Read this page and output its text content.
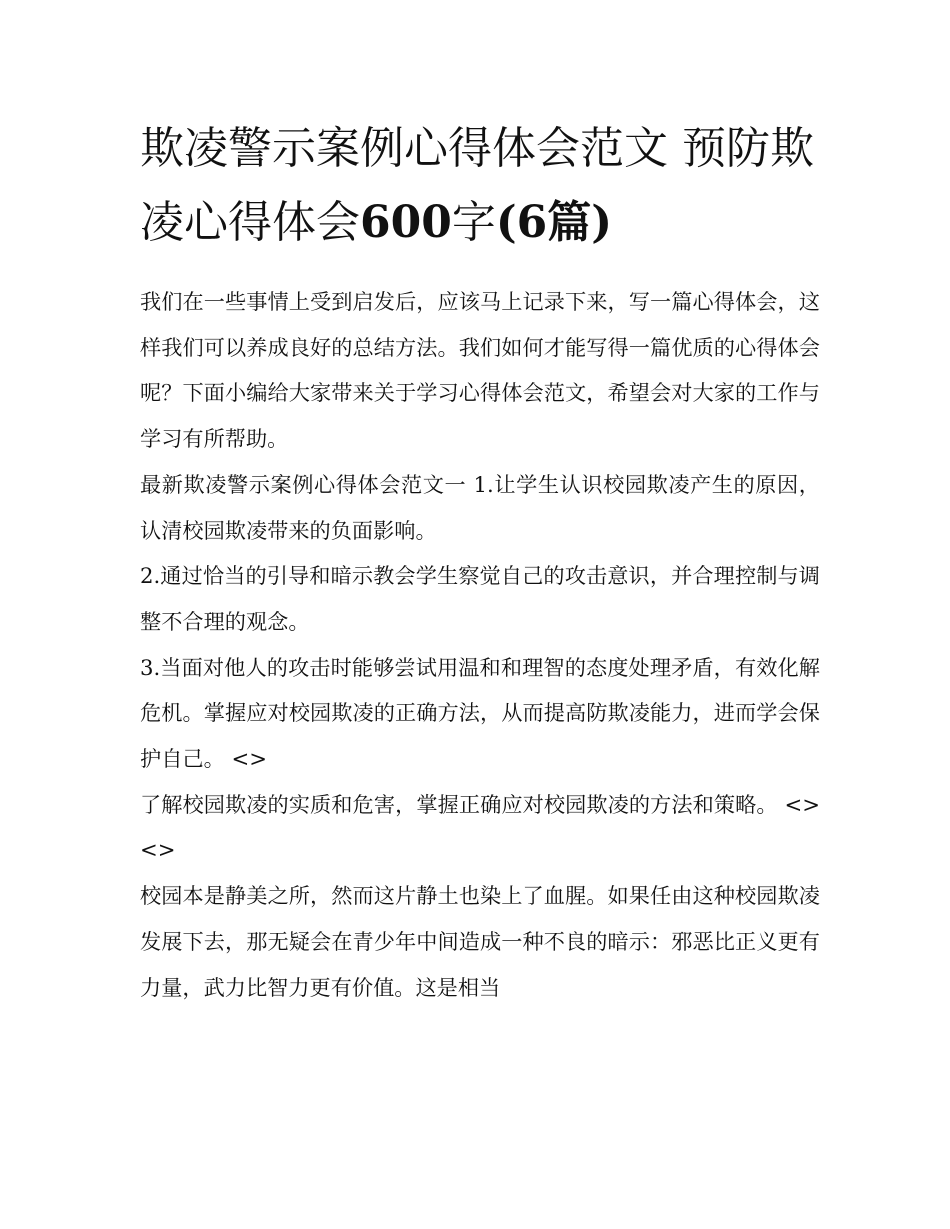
欺凌警示案例心得体会范文 预防欺凌心得体会600字(6篇)

我们在一些事情上受到启发后，应该马上记录下来，写一篇心得体会，这样我们可以养成良好的总结方法。我们如何才能写得一篇优质的心得体会呢？下面小编给大家带来关于学习心得体会范文，希望会对大家的工作与学习有所帮助。

最新欺凌警示案例心得体会范文一 1.让学生认识校园欺凌产生的原因，认清校园欺凌带来的负面影响。

2.通过恰当的引导和暗示教会学生察觉自己的攻击意识，并合理控制与调整不合理的观念。

3.当面对他人的攻击时能够尝试用温和和理智的态度处理矛盾，有效化解危机。掌握应对校园欺凌的正确方法，从而提高防欺凌能力，进而学会保护自己。 <>

了解校园欺凌的实质和危害，掌握正确应对校园欺凌的方法和策略。 <> <>

校园本是静美之所，然而这片静土也染上了血腥。如果任由这种校园欺凌发展下去，那无疑会在青少年中间造成一种不良的暗示：邪恶比正义更有力量，武力比智力更有价值。这是相当
